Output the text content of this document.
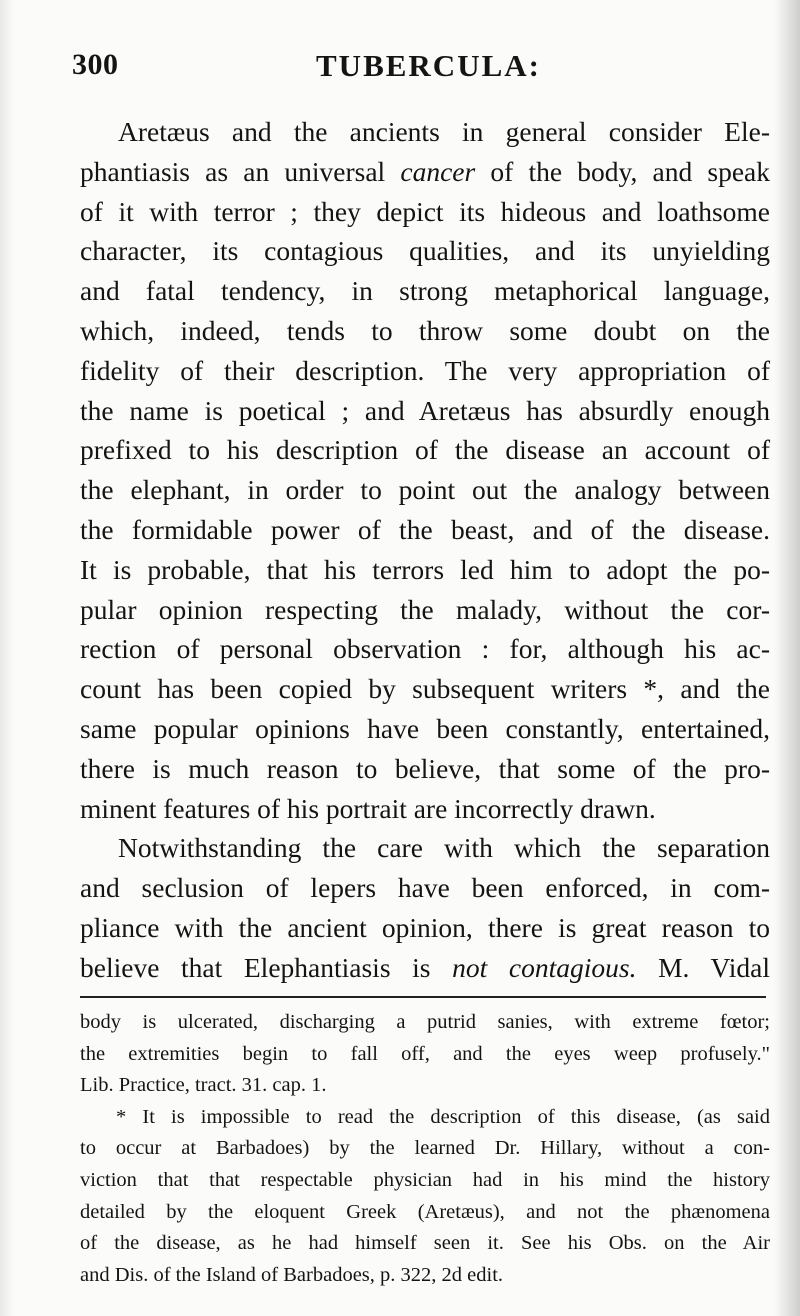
300	TUBERCULA:
Aretæus and the ancients in general consider Ele-
phantiasis as an universal cancer of the body, and speak
of it with terror ; they depict its hideous and loathsome
character, its contagious qualities, and its unyielding
and fatal tendency, in strong metaphorical language,
which, indeed, tends to throw some doubt on the
fidelity of their description. The very appropriation of
the name is poetical ; and Aretæus has absurdly enough
prefixed to his description of the disease an account of
the elephant, in order to point out the analogy between
the formidable power of the beast, and of the disease.
It is probable, that his terrors led him to adopt the po-
pular opinion respecting the malady, without the cor-
rection of personal observation : for, although his ac-
count has been copied by subsequent writers *, and the
same popular opinions have been constantly, entertained,
there is much reason to believe, that some of the pro-
minent features of his portrait are incorrectly drawn.
Notwithstanding the care with which the separation
and seclusion of lepers have been enforced, in com-
pliance with the ancient opinion, there is great reason to
believe that Elephantiasis is not contagious. M. Vidal
body is ulcerated, discharging a putrid sanies, with extreme fœtor;
the extremities begin to fall off, and the eyes weep profusely."
Lib. Practice, tract. 31. cap. 1.
* It is impossible to read the description of this disease, (as said
to occur at Barbadoes) by the learned Dr. Hillary, without a con-
viction that that respectable physician had in his mind the history
detailed by the eloquent Greek (Aretæus), and not the phænomena
of the disease, as he had himself seen it. See his Obs. on the Air
and Dis. of the Island of Barbadoes, p. 322, 2d edit.
